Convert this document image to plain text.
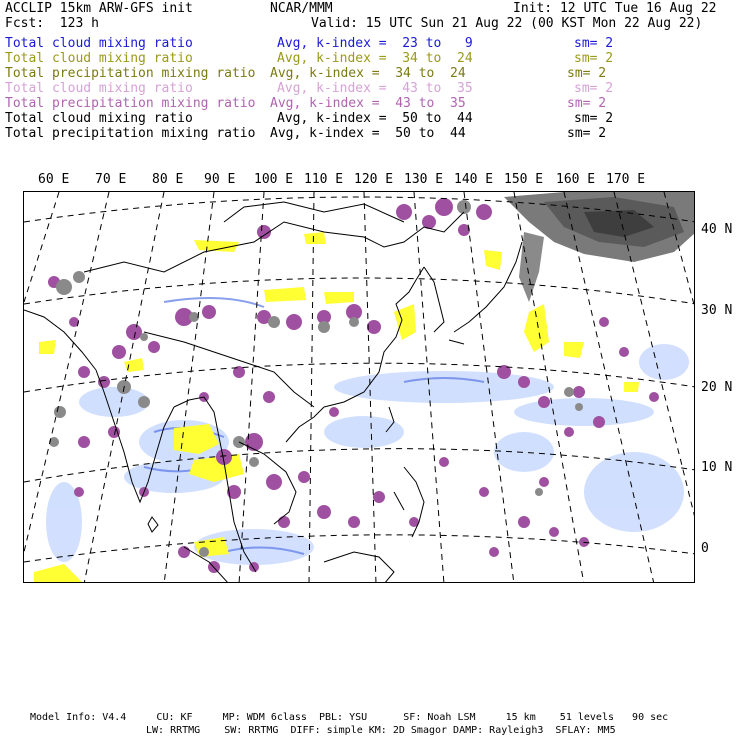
ACCLIP 15km ARW-GFS init	NCAR/MMM	Init: 12 UTC Tue 16 Aug 22
Fcst:  123 h	Valid: 15 UTC Sun 21 Aug 22 (00 KST Mon 22 Aug 22)
Total cloud mixing ratio	Avg, k-index =  23 to   9	sm= 2
Total cloud mixing ratio	Avg, k-index =  34 to  24	sm= 2
Total precipitation mixing ratio Avg, k-index =  34 to  24	sm= 2
Total cloud mixing ratio	Avg, k-index =  43 to  35	sm= 2
Total precipitation mixing ratio Avg, k-index =  43 to  35	sm= 2
Total cloud mixing ratio	Avg, k-index =  50 to  44	sm= 2
Total precipitation mixing ratio Avg, k-index =  50 to  44	sm= 2
60 E 70 E 80 E 90 E 100 E 110 E 120 E 130 E 140 E 150 E 160 E 170 E
40 N
30 N
20 N
10 N
0
Model Info: V4.4     CU: KF     MP: WDM 6class  PBL: YSU      SF: Noah LSM     15 km    51 levels   90 sec
LW: RRTMG    SW: RRTMG  DIFF: simple KM: 2D Smagor DAMP: Rayleigh3  SFLAY: MM5
